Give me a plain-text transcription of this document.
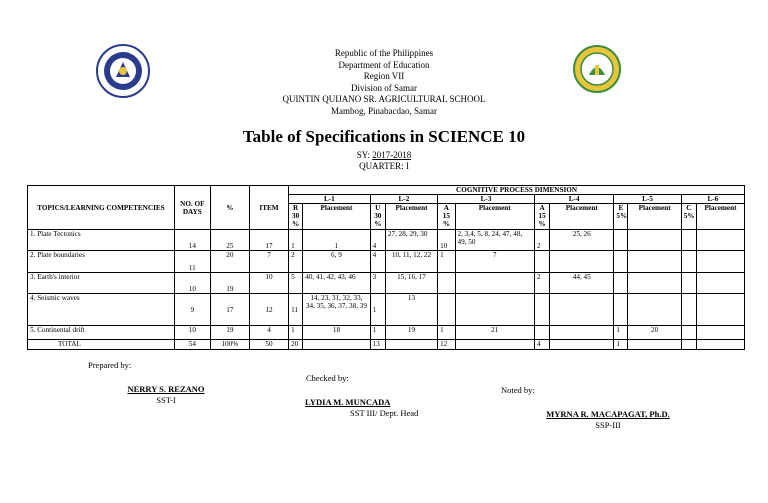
Republic of the Philippines
Department of Education
Region VII
Division of Samar
QUINTIN QUIJANO SR. AGRICULTURAL SCHOOL
Mambog, Pinabacdao, Samar
Table of Specifications in SCIENCE 10
SY: 2017-2018
QUARTER: I
TOPICS/LEARNING COMPETENCIES	NO. OF DAYS	%	ITEM	COGNITIVE PROCESS DIMENSION											
				L-1		L-2		L-3		L-4		L-5		L-6	
				R 30 %	Placement	U 30 %	Placement	A 15 %	Placement	A 15 %	Placement	E 5%	Placement	C 5%	Placement
1. Plate Tectonics	14	25	17	1	1	4	27, 28, 29, 30	10	2, 3,4, 5, 8, 24, 47, 48, 49, 50	2	25, 26				
2. Plate boundaries	11	20	7	2	6, 9	4	10, 11, 12, 22	1	7						
3. Earth's interior	10	19	10	5	40, 41, 42, 43, 46	3	15, 16, 17			2	44, 45				
4. Seismic waves	9	17	12	11	14, 23, 31, 32, 33, 34, 35, 36, 37, 38, 39	1	13								
5. Continental drift	10	19	4	1	18	1	19	1	21			1	20		
TOTAL	54	100%	50	20		13		12		4		1			
Prepared by:
NERRY S. REZANO
SST-I
Checked by:
LYDIA M. MUNCADA
SST III/ Dept. Head
Noted by:
MYRNA R. MACAPAGAT, Ph.D.
SSP-III
